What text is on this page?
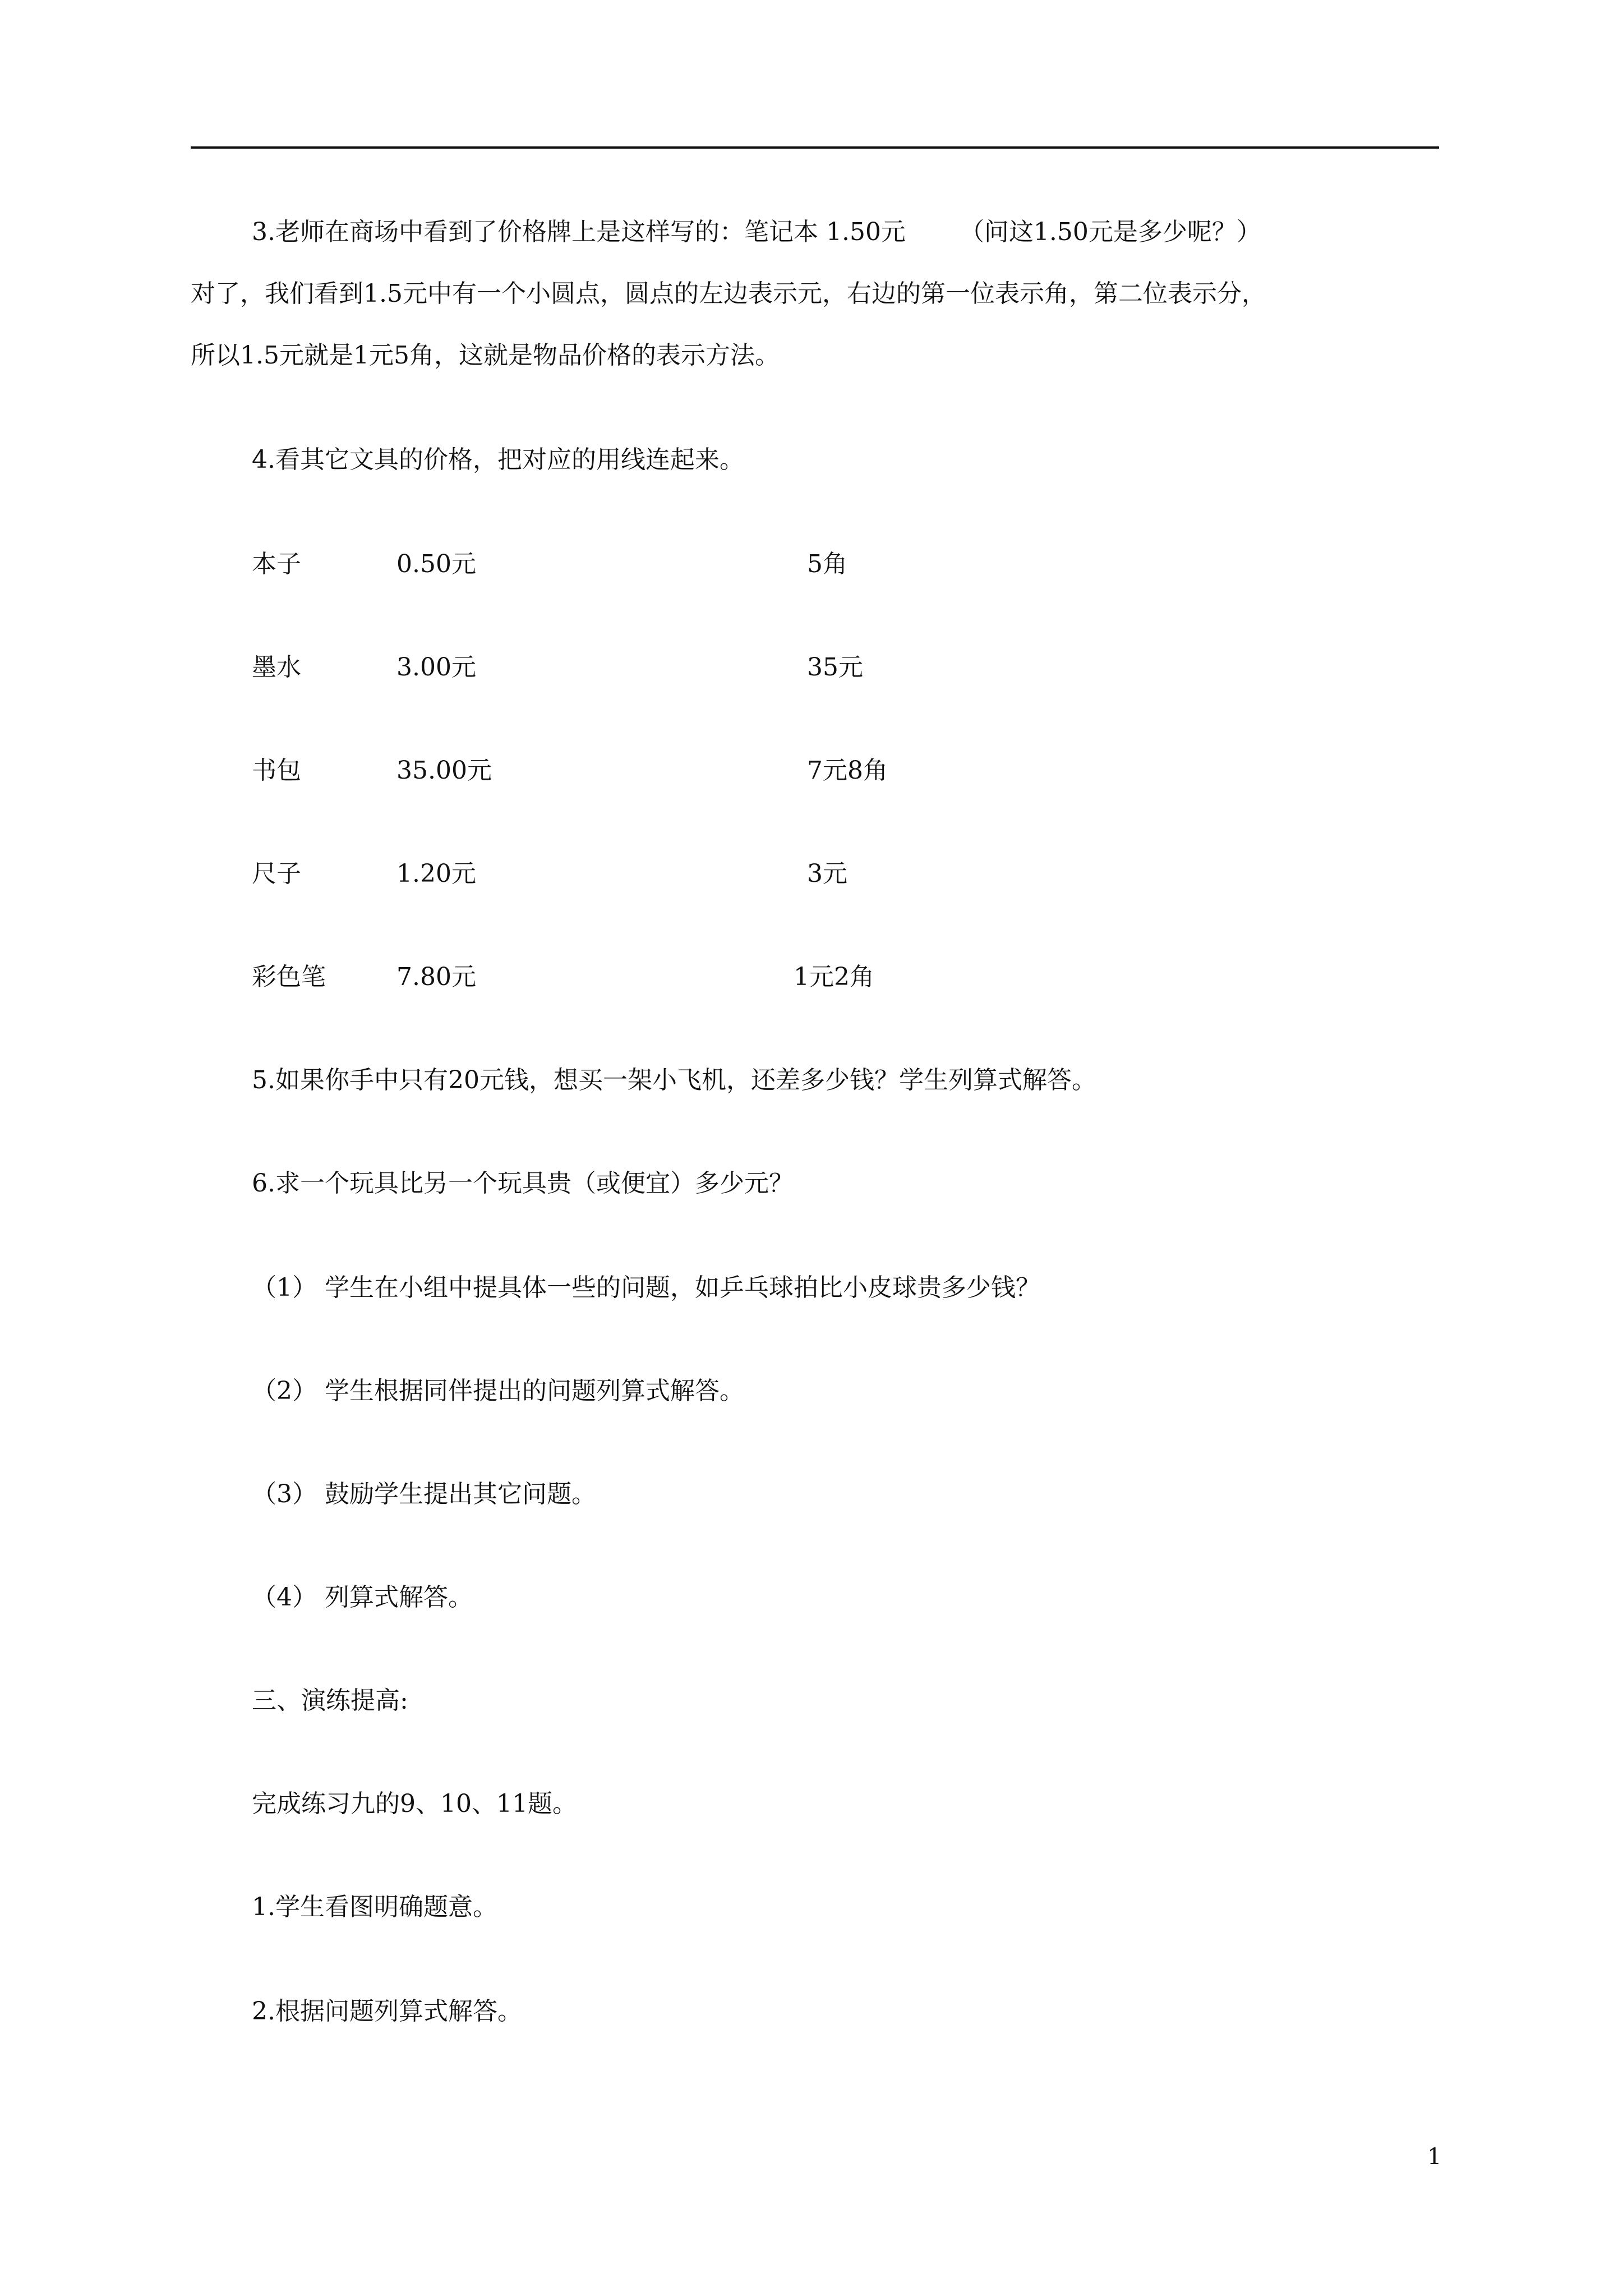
3.老师在商场中看到了价格牌上是这样写的：笔记本 1.50元 （问这1.50元是多少呢？）
对了，我们看到1.5元中有一个小圆点，圆点的左边表示元，右边的第一位表示角，第二位表示分，
所以1.5元就是1元5角，这就是物品价格的表示方法。
4.看其它文具的价格，把对应的用线连起来。
本子	0.50元	5角
墨水	3.00元	35元
书包	35.00元	7元8角
尺子	1.20元	3元
彩色笔	7.80元	1元2角
5.如果你手中只有20元钱，想买一架小飞机，还差多少钱？学生列算式解答。
6.求一个玩具比另一个玩具贵（或便宜）多少元？
（1） 学生在小组中提具体一些的问题，如乒乓球拍比小皮球贵多少钱？
（2） 学生根据同伴提出的问题列算式解答。
（3） 鼓励学生提出其它问题。
（4） 列算式解答。
三、演练提高:
完成练习九的9、10、11题。
1.学生看图明确题意。
2.根据问题列算式解答。
1
